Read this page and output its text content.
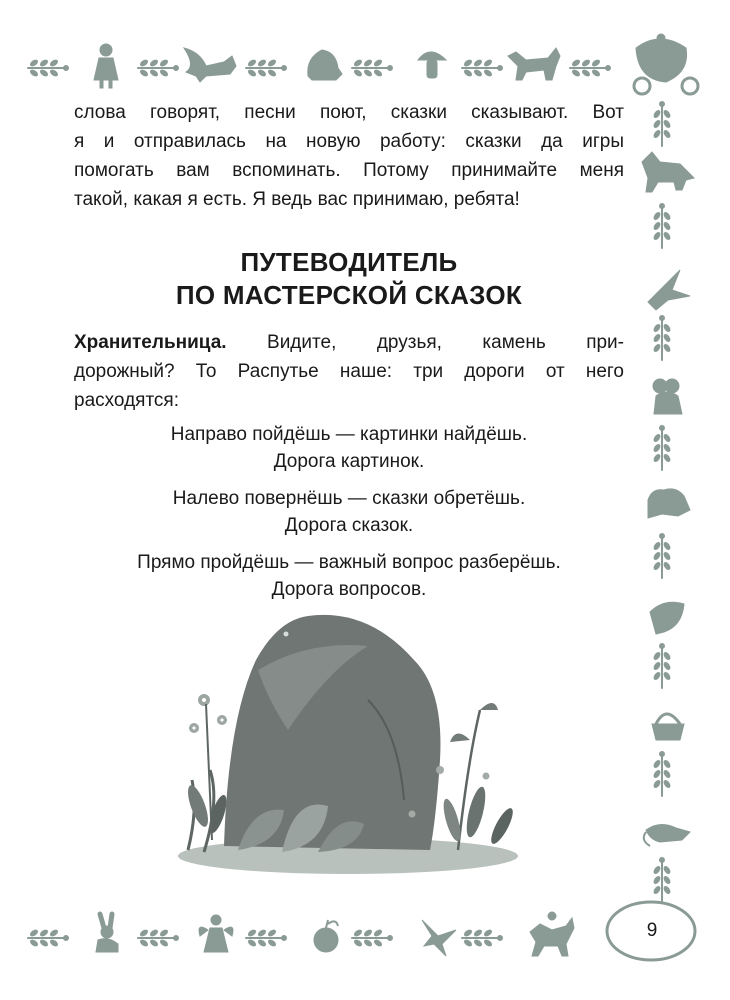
слова говорят, песни поют, сказки сказывают. Вот
я и отправилась на новую работу: сказки да игры
помогать вам вспоминать. Потому принимайте меня
такой, какая я есть. Я ведь вас принимаю, ребята!
ПУТЕВОДИТЕЛЬ
ПО МАСТЕРСКОЙ СКАЗОК
Хранительница. Видите, друзья, камень при-
дорожный? То Распутье наше: три дороги от него
расходятся:
Направо пойдёшь — картинки найдёшь.
Дорога картинок.
Налево повернёшь — сказки обретёшь.
Дорога сказок.
Прямо пройдёшь — важный вопрос разберёшь.
Дорога вопросов.
9
